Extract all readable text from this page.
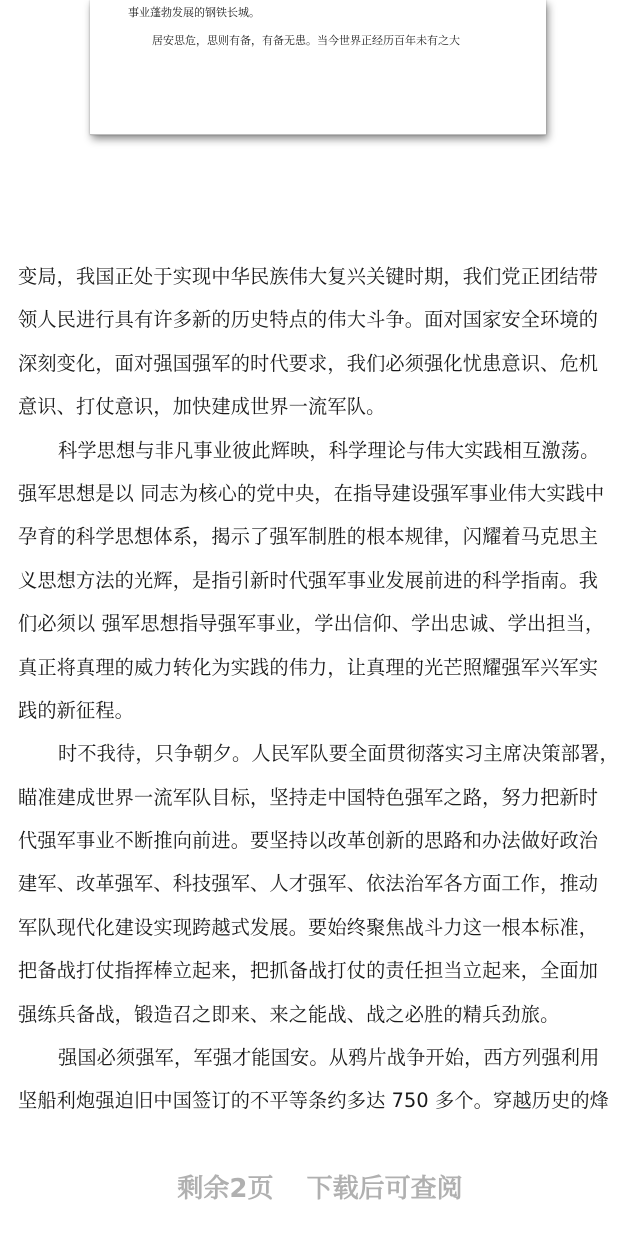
事业蓬勃发展的钢铁长城。
居安思危，思则有备，有备无患。当今世界正经历百年未有之大
变局，我国正处于实现中华民族伟大复兴关键时期，我们党正团结带
领人民进行具有许多新的历史特点的伟大斗争。面对国家安全环境的
深刻变化，面对强国强军的时代要求，我们必须强化忧患意识、危机
意识、打仗意识，加快建成世界一流军队。
科学思想与非凡事业彼此辉映，科学理论与伟大实践相互激荡。
强军思想是以 同志为核心的党中央，在指导建设强军事业伟大实践中
孕育的科学思想体系，揭示了强军制胜的根本规律，闪耀着马克思主
义思想方法的光辉，是指引新时代强军事业发展前进的科学指南。我
们必须以 强军思想指导强军事业，学出信仰、学出忠诚、学出担当，
真正将真理的威力转化为实践的伟力，让真理的光芒照耀强军兴军实
践的新征程。
时不我待，只争朝夕。人民军队要全面贯彻落实习主席决策部署，
瞄准建成世界一流军队目标，坚持走中国特色强军之路，努力把新时
代强军事业不断推向前进。要坚持以改革创新的思路和办法做好政治
建军、改革强军、科技强军、人才强军、依法治军各方面工作，推动
军队现代化建设实现跨越式发展。要始终聚焦战斗力这一根本标准，
把备战打仗指挥棒立起来，把抓备战打仗的责任担当立起来，全面加
强练兵备战，锻造召之即来、来之能战、战之必胜的精兵劲旅。
强国必须强军，军强才能国安。从鸦片战争开始，西方列强利用
坚船利炮强迫旧中国签订的不平等条约多达 750 多个。穿越历史的烽
剩余2页 下载后可查阅
